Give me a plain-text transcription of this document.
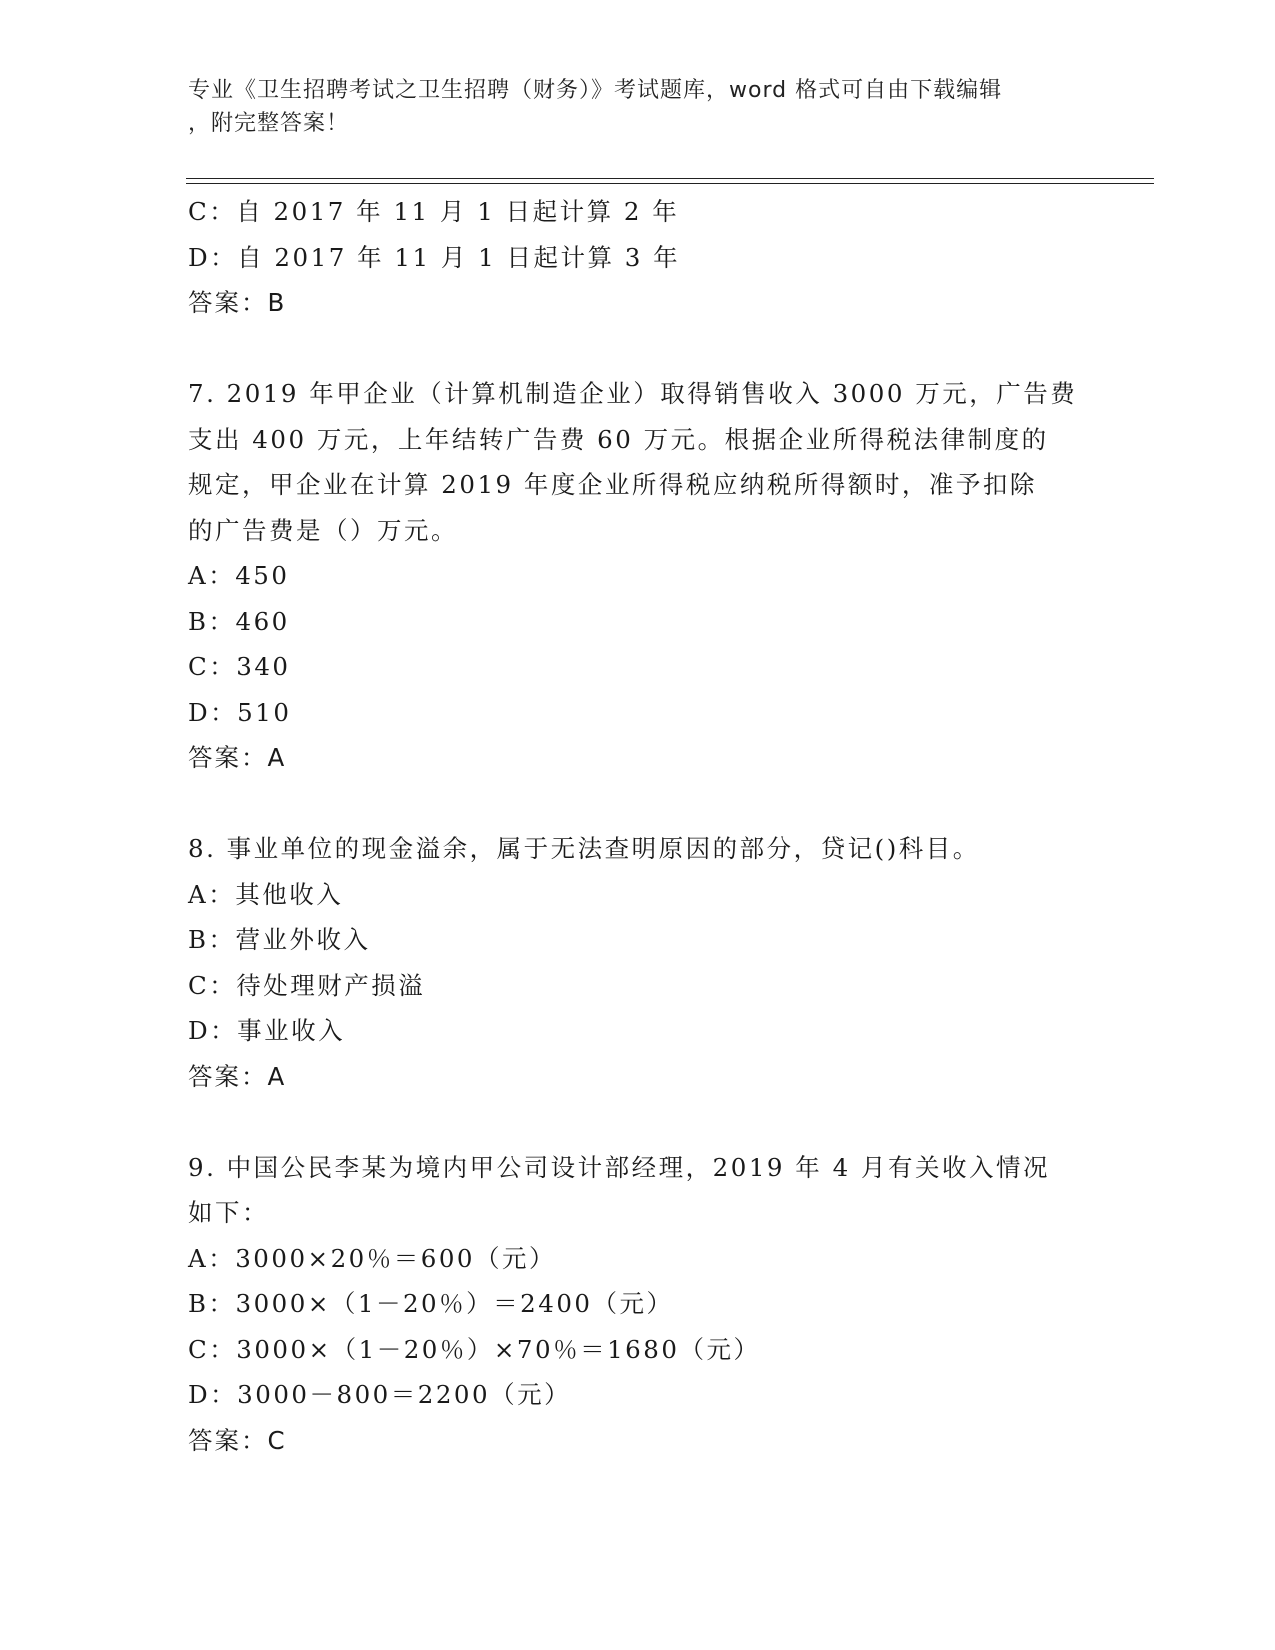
专业《卫生招聘考试之卫生招聘（财务）》考试题库，word 格式可自由下载编辑
，附完整答案！
C：自 2017 年 11 月 1 日起计算 2 年
D：自 2017 年 11 月 1 日起计算 3 年
答案：B
7. 2019 年甲企业（计算机制造企业）取得销售收入 3000 万元，广告费
支出 400 万元，上年结转广告费 60 万元。根据企业所得税法律制度的
规定，甲企业在计算 2019 年度企业所得税应纳税所得额时，准予扣除
的广告费是（）万元。
A：450
B：460
C：340
D：510
答案：A
8. 事业单位的现金溢余，属于无法查明原因的部分，贷记()科目。
A：其他收入
B：营业外收入
C：待处理财产损溢
D：事业收入
答案：A
9. 中国公民李某为境内甲公司设计部经理，2019 年 4 月有关收入情况
如下：
A：3000×20％＝600（元）
B：3000×（1－20％）＝2400（元）
C：3000×（1－20％）×70％＝1680（元）
D：3000－800＝2200（元）
答案：C
